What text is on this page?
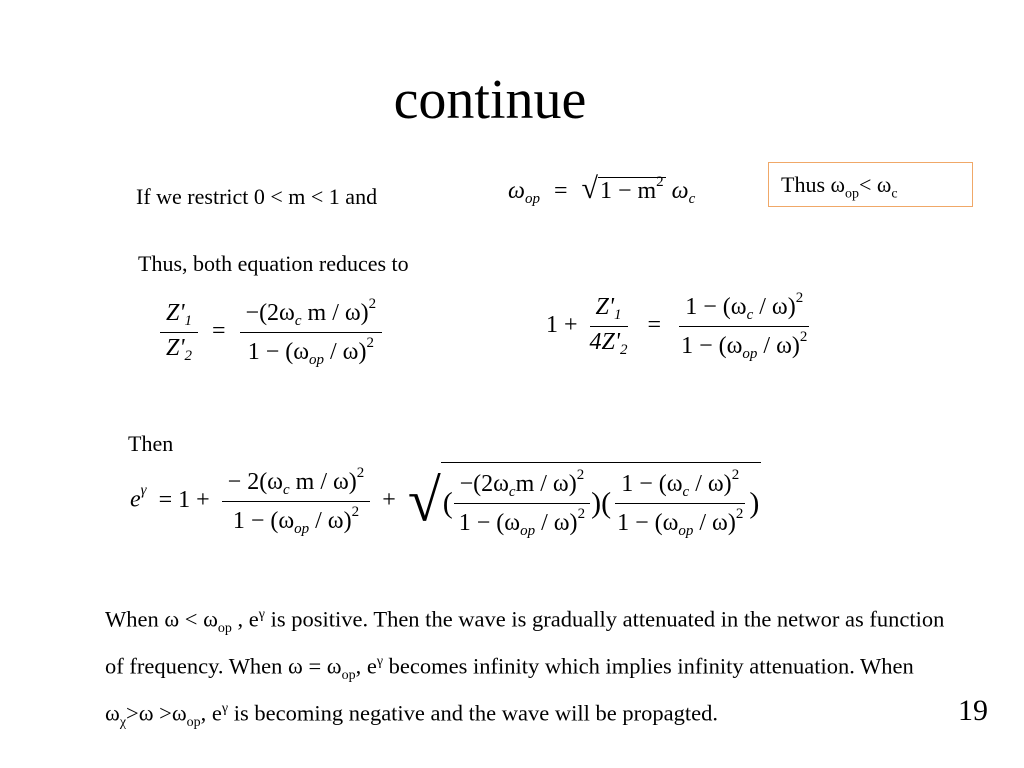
continue
If we restrict 0 < m < 1 and	$\omega_{op} = √1 - m^2$ $\omega_c$
Thus $\omega_{op}< \omega_c$
Thus, both equation reduces to
$\frac{Z'_1}{Z'_2} = \frac{-(2\omega_c m / \omega)^2}{1 - (\omega_{op} / \omega)^2}$	$1 + \frac{Z'_1}{4Z'_2} = \frac{1 - (\omega_c / \omega)^2}{1 - (\omega_{op} / \omega)^2}$
Then
$e^\gamma = 1 + \frac{- 2(\omega_c m / \omega)^2}{1 - (\omega_{op} / \omega)^2}$ + √( $\frac{-(2\omega_cm / \omega)^2}{1 - (\omega_{op} / \omega)^2}$ )( $\frac{1 - (\omega_c / \omega)^2}{1 - (\omega_{op} / \omega)^2}$ )
When $\omega < \omega_{op}$ , $e^\gamma$ is positive. Then the wave is gradually attenuated in the networ as function of frequency. When $\omega = \omega_{op}$, $e^\gamma$ becomes infinity which implies infinity attenuation. When $\omega_\chi>\omega >\omega_{op}$, $e^\gamma$ is becoming negative and the wave will be propagted.	19
